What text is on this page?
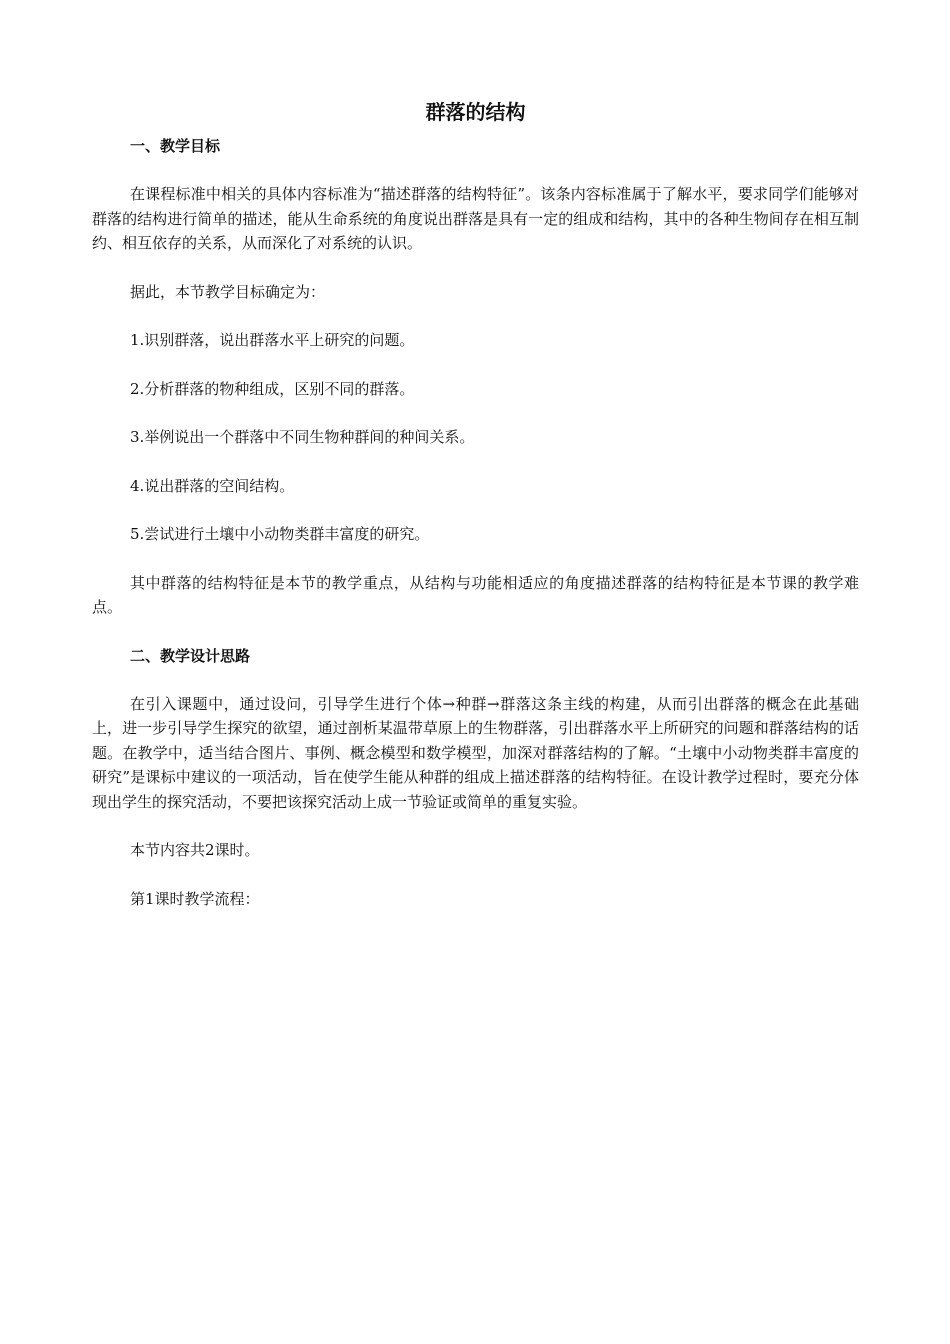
群落的结构
一、教学目标
在课程标准中相关的具体内容标准为“描述群落的结构特征”。该条内容标准属于了解水平，要求同学们能够对群落的结构进行简单的描述，能从生命系统的角度说出群落是具有一定的组成和结构，其中的各种生物间存在相互制约、相互依存的关系，从而深化了对系统的认识。
据此，本节教学目标确定为：
1.识别群落，说出群落水平上研究的问题。
2.分析群落的物种组成，区别不同的群落。
3.举例说出一个群落中不同生物种群间的种间关系。
4.说出群落的空间结构。
5.尝试进行土壤中小动物类群丰富度的研究。
其中群落的结构特征是本节的教学重点，从结构与功能相适应的角度描述群落的结构特征是本节课的教学难点。
二、教学设计思路
在引入课题中，通过设问，引导学生进行个体→种群→群落这条主线的构建，从而引出群落的概念在此基础上，进一步引导学生探究的欲望，通过剖析某温带草原上的生物群落，引出群落水平上所研究的问题和群落结构的话题。在教学中，适当结合图片、事例、概念模型和数学模型，加深对群落结构的了解。“土壤中小动物类群丰富度的研究”是课标中建议的一项活动，旨在使学生能从种群的组成上描述群落的结构特征。在设计教学过程时，要充分体现出学生的探究活动，不要把该探究活动上成一节验证或简单的重复实验。
本节内容共2课时。
第1课时教学流程：
